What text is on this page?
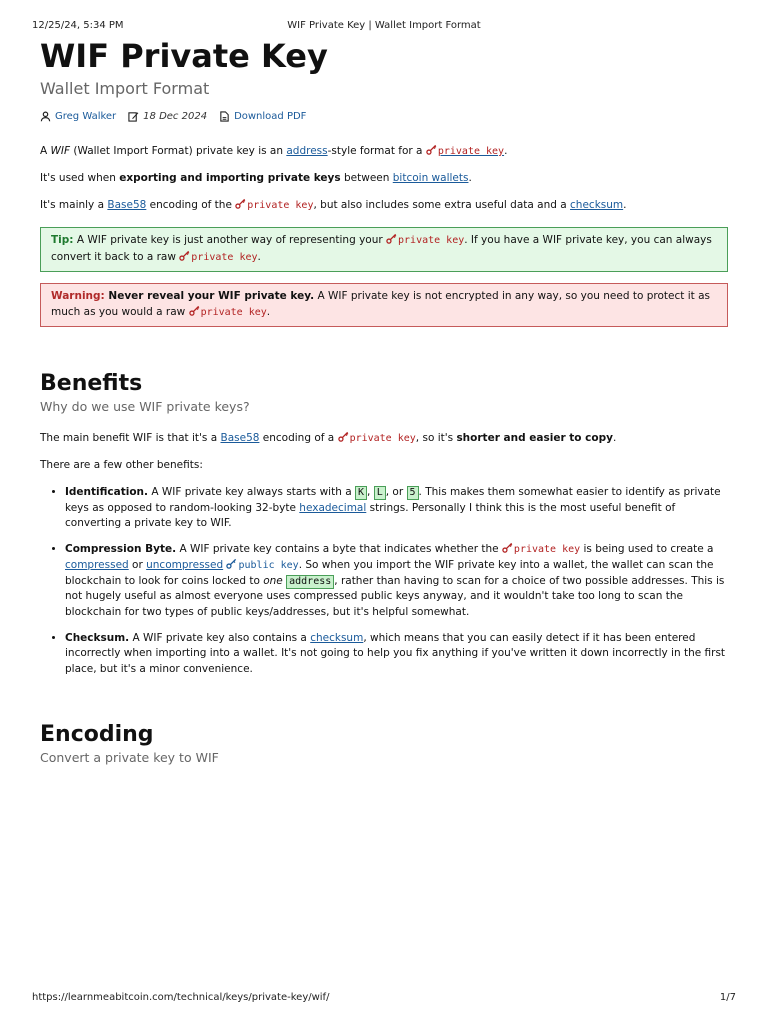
12/25/24, 5:34 PM	WIF Private Key | Wallet Import Format
WIF Private Key
Wallet Import Format
Greg Walker	18 Dec 2024	Download PDF

A WIF (Wallet Import Format) private key is an address-style format for a private key.

It's used when exporting and importing private keys between bitcoin wallets.

It's mainly a Base58 encoding of the private key, but also includes some extra useful data and a checksum.

Tip: A WIF private key is just another way of representing your private key. If you have a WIF private key, you can always convert it back to a raw private key.
Warning: Never reveal your WIF private key. A WIF private key is not encrypted in any way, so you need to protect it as much as you would a raw private key.
Benefits
Why do we use WIF private keys?

The main benefit WIF is that it's a Base58 encoding of a private key, so it's shorter and easier to copy.

There are a few other benefits:

• Identification. A WIF private key always starts with a K , L , or 5 . This makes them somewhat easier to identify as private keys as opposed to random-looking 32-byte hexadecimal strings. Personally I think this is the most useful benefit of converting a private key to WIF.
• Compression Byte. A WIF private key contains a byte that indicates whether the private key is being used to create a compressed or uncompressed public key. So when you import the WIF private key into a wallet, the wallet can scan the blockchain to look for coins locked to one address , rather than having to scan for a choice of two possible addresses. This is not hugely useful as almost everyone uses compressed public keys anyway, and it wouldn't take too long to scan the blockchain for two types of public keys/addresses, but it's helpful somewhat.
• Checksum. A WIF private key also contains a checksum, which means that you can easily detect if it has been entered incorrectly when importing into a wallet. It's not going to help you fix anything if you've written it down incorrectly in the first place, but it's a minor convenience.
Encoding
Convert a private key to WIF
https://learnmeabitcoin.com/technical/keys/private-key/wif/	1/7
